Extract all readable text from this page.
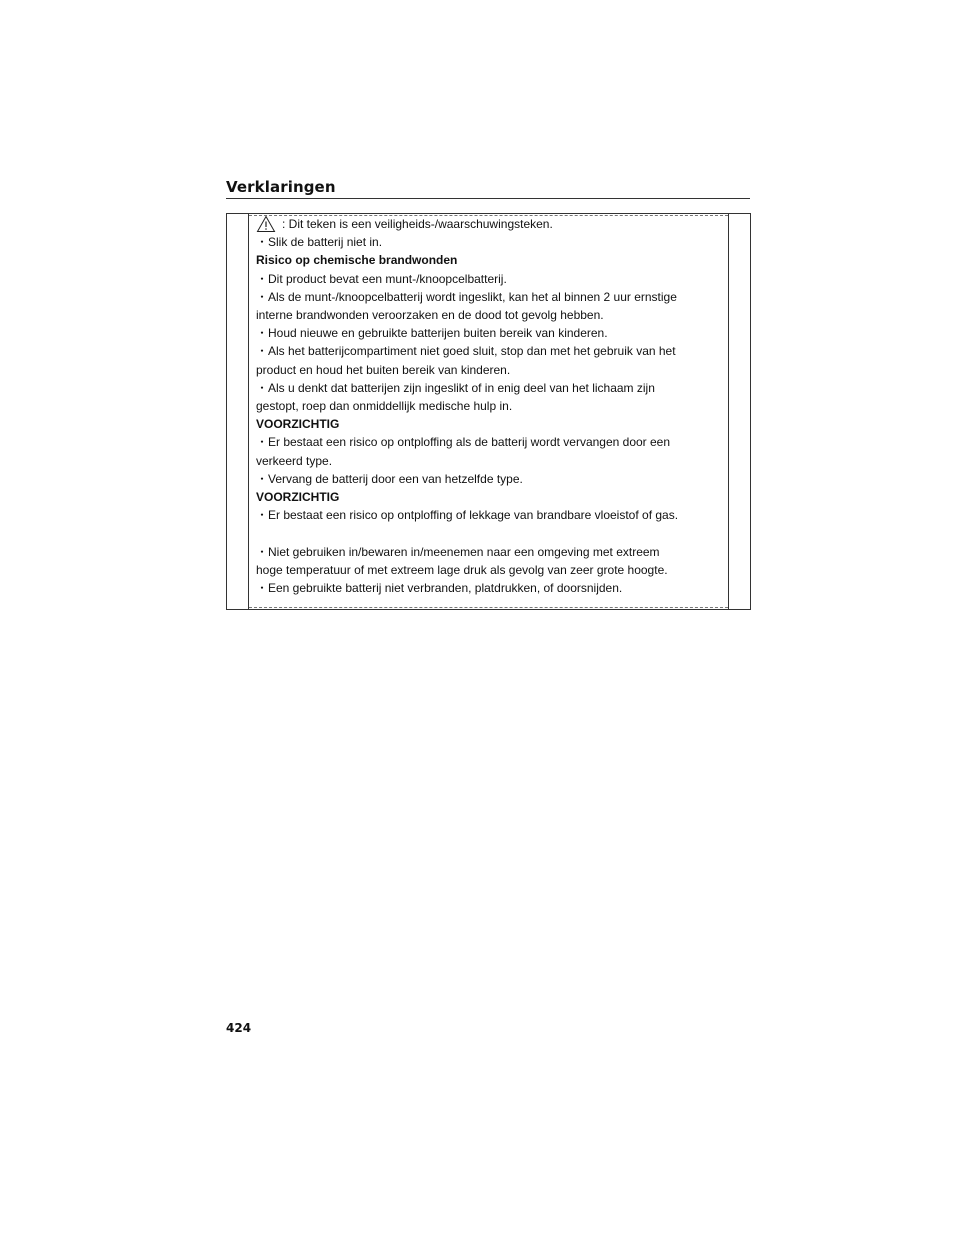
Verklaringen
: Dit teken is een veiligheids-/waarschuwingsteken.
・Slik de batterij niet in.
Risico op chemische brandwonden
・Dit product bevat een munt-/knoopcelbatterij.
・Als de munt-/knoopcelbatterij wordt ingeslikt, kan het al binnen 2 uur ernstige
interne brandwonden veroorzaken en de dood tot gevolg hebben.
・Houd nieuwe en gebruikte batterijen buiten bereik van kinderen.
・Als het batterijcompartiment niet goed sluit, stop dan met het gebruik van het
product en houd het buiten bereik van kinderen.
・Als u denkt dat batterijen zijn ingeslikt of in enig deel van het lichaam zijn
gestopt, roep dan onmiddellijk medische hulp in.
VOORZICHTIG
・Er bestaat een risico op ontploffing als de batterij wordt vervangen door een
verkeerd type.
・Vervang de batterij door een van hetzelfde type.
VOORZICHTIG
・Er bestaat een risico op ontploffing of lekkage van brandbare vloeistof of gas.
・Niet gebruiken in/bewaren in/meenemen naar een omgeving met extreem
hoge temperatuur of met extreem lage druk als gevolg van zeer grote hoogte.
・Een gebruikte batterij niet verbranden, platdrukken, of doorsnijden.
424
